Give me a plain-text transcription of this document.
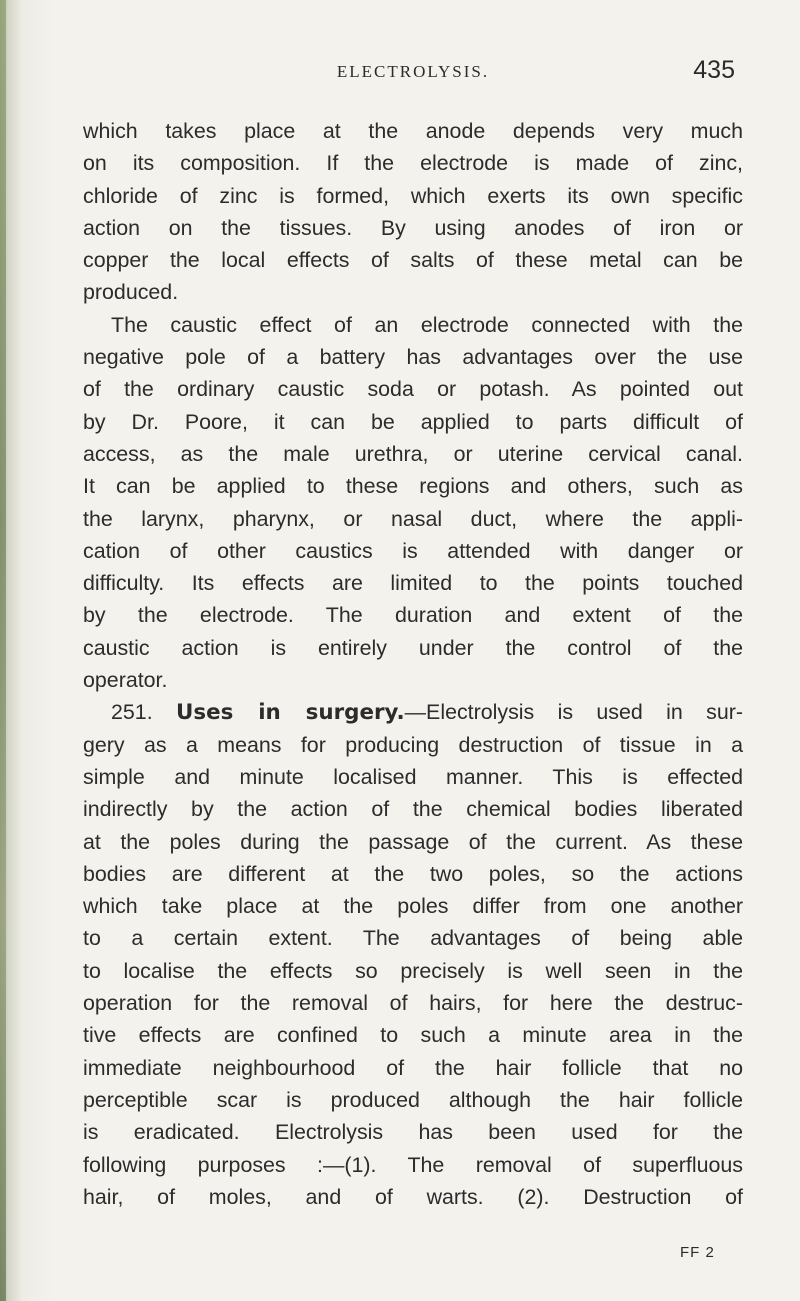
ELECTROLYSIS.	435
which takes place at the anode depends very much
on its composition. If the electrode is made of zinc,
chloride of zinc is formed, which exerts its own specific
action on the tissues. By using anodes of iron or
copper the local effects of salts of these metal can be
produced.
The caustic effect of an electrode connected with the
negative pole of a battery has advantages over the use
of the ordinary caustic soda or potash. As pointed out
by Dr. Poore, it can be applied to parts difficult of
access, as the male urethra, or uterine cervical canal.
It can be applied to these regions and others, such as
the larynx, pharynx, or nasal duct, where the appli-
cation of other caustics is attended with danger or
difficulty. Its effects are limited to the points touched
by the electrode. The duration and extent of the
caustic action is entirely under the control of the
operator.
251. Uses in surgery.—Electrolysis is used in sur-
gery as a means for producing destruction of tissue in a
simple and minute localised manner. This is effected
indirectly by the action of the chemical bodies liberated
at the poles during the passage of the current. As these
bodies are different at the two poles, so the actions
which take place at the poles differ from one another
to a certain extent. The advantages of being able
to localise the effects so precisely is well seen in the
operation for the removal of hairs, for here the destruc-
tive effects are confined to such a minute area in the
immediate neighbourhood of the hair follicle that no
perceptible scar is produced although the hair follicle
is eradicated. Electrolysis has been used for the
following purposes :—(1). The removal of superfluous
hair, of moles, and of warts. (2). Destruction of
FF 2
